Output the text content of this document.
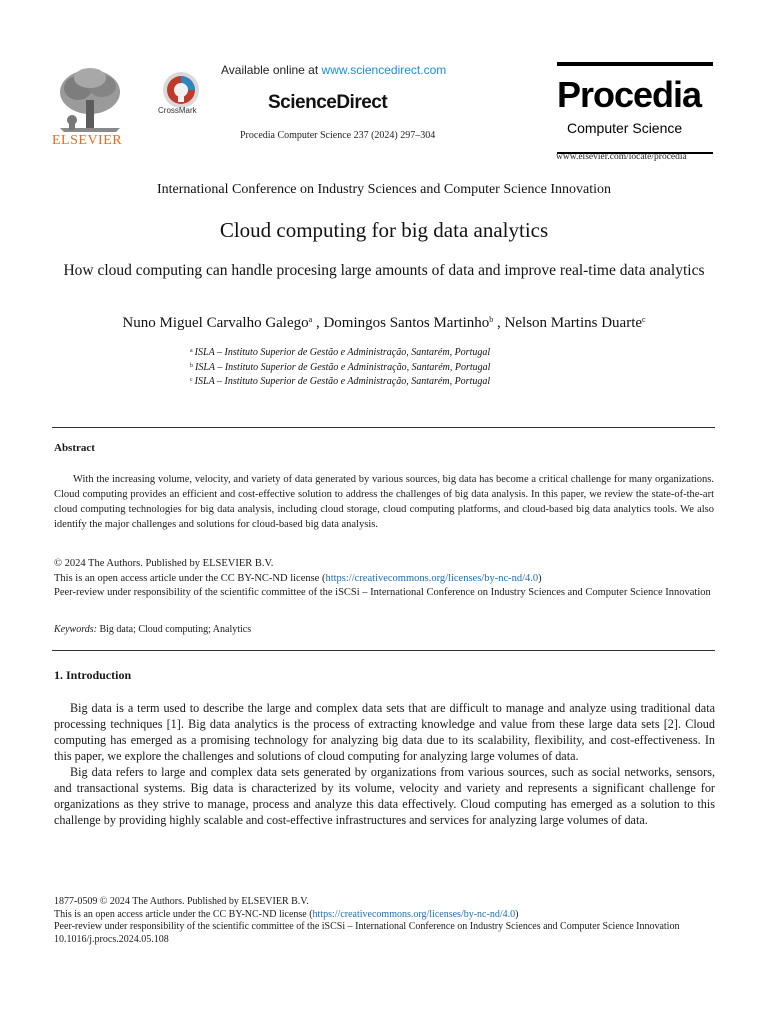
ELSEVIER
CrossMark
Available online at www.sciencedirect.com
ScienceDirect
Procedia Computer Science 237 (2024) 297–304
Procedia
Computer Science
www.elsevier.com/locate/procedia
International Conference on Industry Sciences and Computer Science Innovation
Cloud computing for big data analytics
How cloud computing can handle procesing large amounts of data and improve real-time data analytics
Nuno Miguel Carvalho Galego$^a$ , Domingos Santos Martinho$^b$ , Nelson Martins Duarte$^c$
$^a$ ISLA – Instituto Superior de Gestão e Administração, Santarém, Portugal
$^b$ ISLA – Instituto Superior de Gestão e Administração, Santarém, Portugal
$^c$ ISLA – Instituto Superior de Gestão e Administração, Santarém, Portugal
Abstract
With the increasing volume, velocity, and variety of data generated by various sources, big data has become a critical challenge for many organizations. Cloud computing provides an efficient and cost-effective solution to address the challenges of big data analysis. In this paper, we review the state-of-the-art cloud computing technologies for big data analysis, including cloud storage, cloud computing platforms, and cloud-based big data analytics tools. We also identify the major challenges and solutions for cloud-based big data analysis.
© 2024 The Authors. Published by ELSEVIER B.V.
This is an open access article under the CC BY-NC-ND license (https://creativecommons.org/licenses/by-nc-nd/4.0)
Peer-review under responsibility of the scientific committee of the iSCSi – International Conference on Industry Sciences and Computer Science Innovation
Keywords: Big data; Cloud computing; Analytics
1. Introduction

Big data is a term used to describe the large and complex data sets that are difficult to manage and analyze using traditional data processing techniques [1]. Big data analytics is the process of extracting knowledge and value from these large data sets [2]. Cloud computing has emerged as a promising technology for analyzing big data due to its scalability, flexibility, and cost-effectiveness. In this paper, we explore the challenges and solutions of cloud computing for analyzing large volumes of data.

Big data refers to large and complex data sets generated by organizations from various sources, such as social networks, sensors, and transactional systems. Big data is characterized by its volume, velocity and variety and represents a significant challenge for organizations as they strive to manage, process and analyze this data effectively. Cloud computing has emerged as a solution to this challenge by providing highly scalable and cost-effective infrastructures and services for analyzing large volumes of data.

1877-0509 © 2024 The Authors. Published by ELSEVIER B.V.
This is an open access article under the CC BY-NC-ND license (https://creativecommons.org/licenses/by-nc-nd/4.0)
Peer-review under responsibility of the scientific committee of the iSCSi – International Conference on Industry Sciences and Computer Science Innovation
10.1016/j.procs.2024.05.108
